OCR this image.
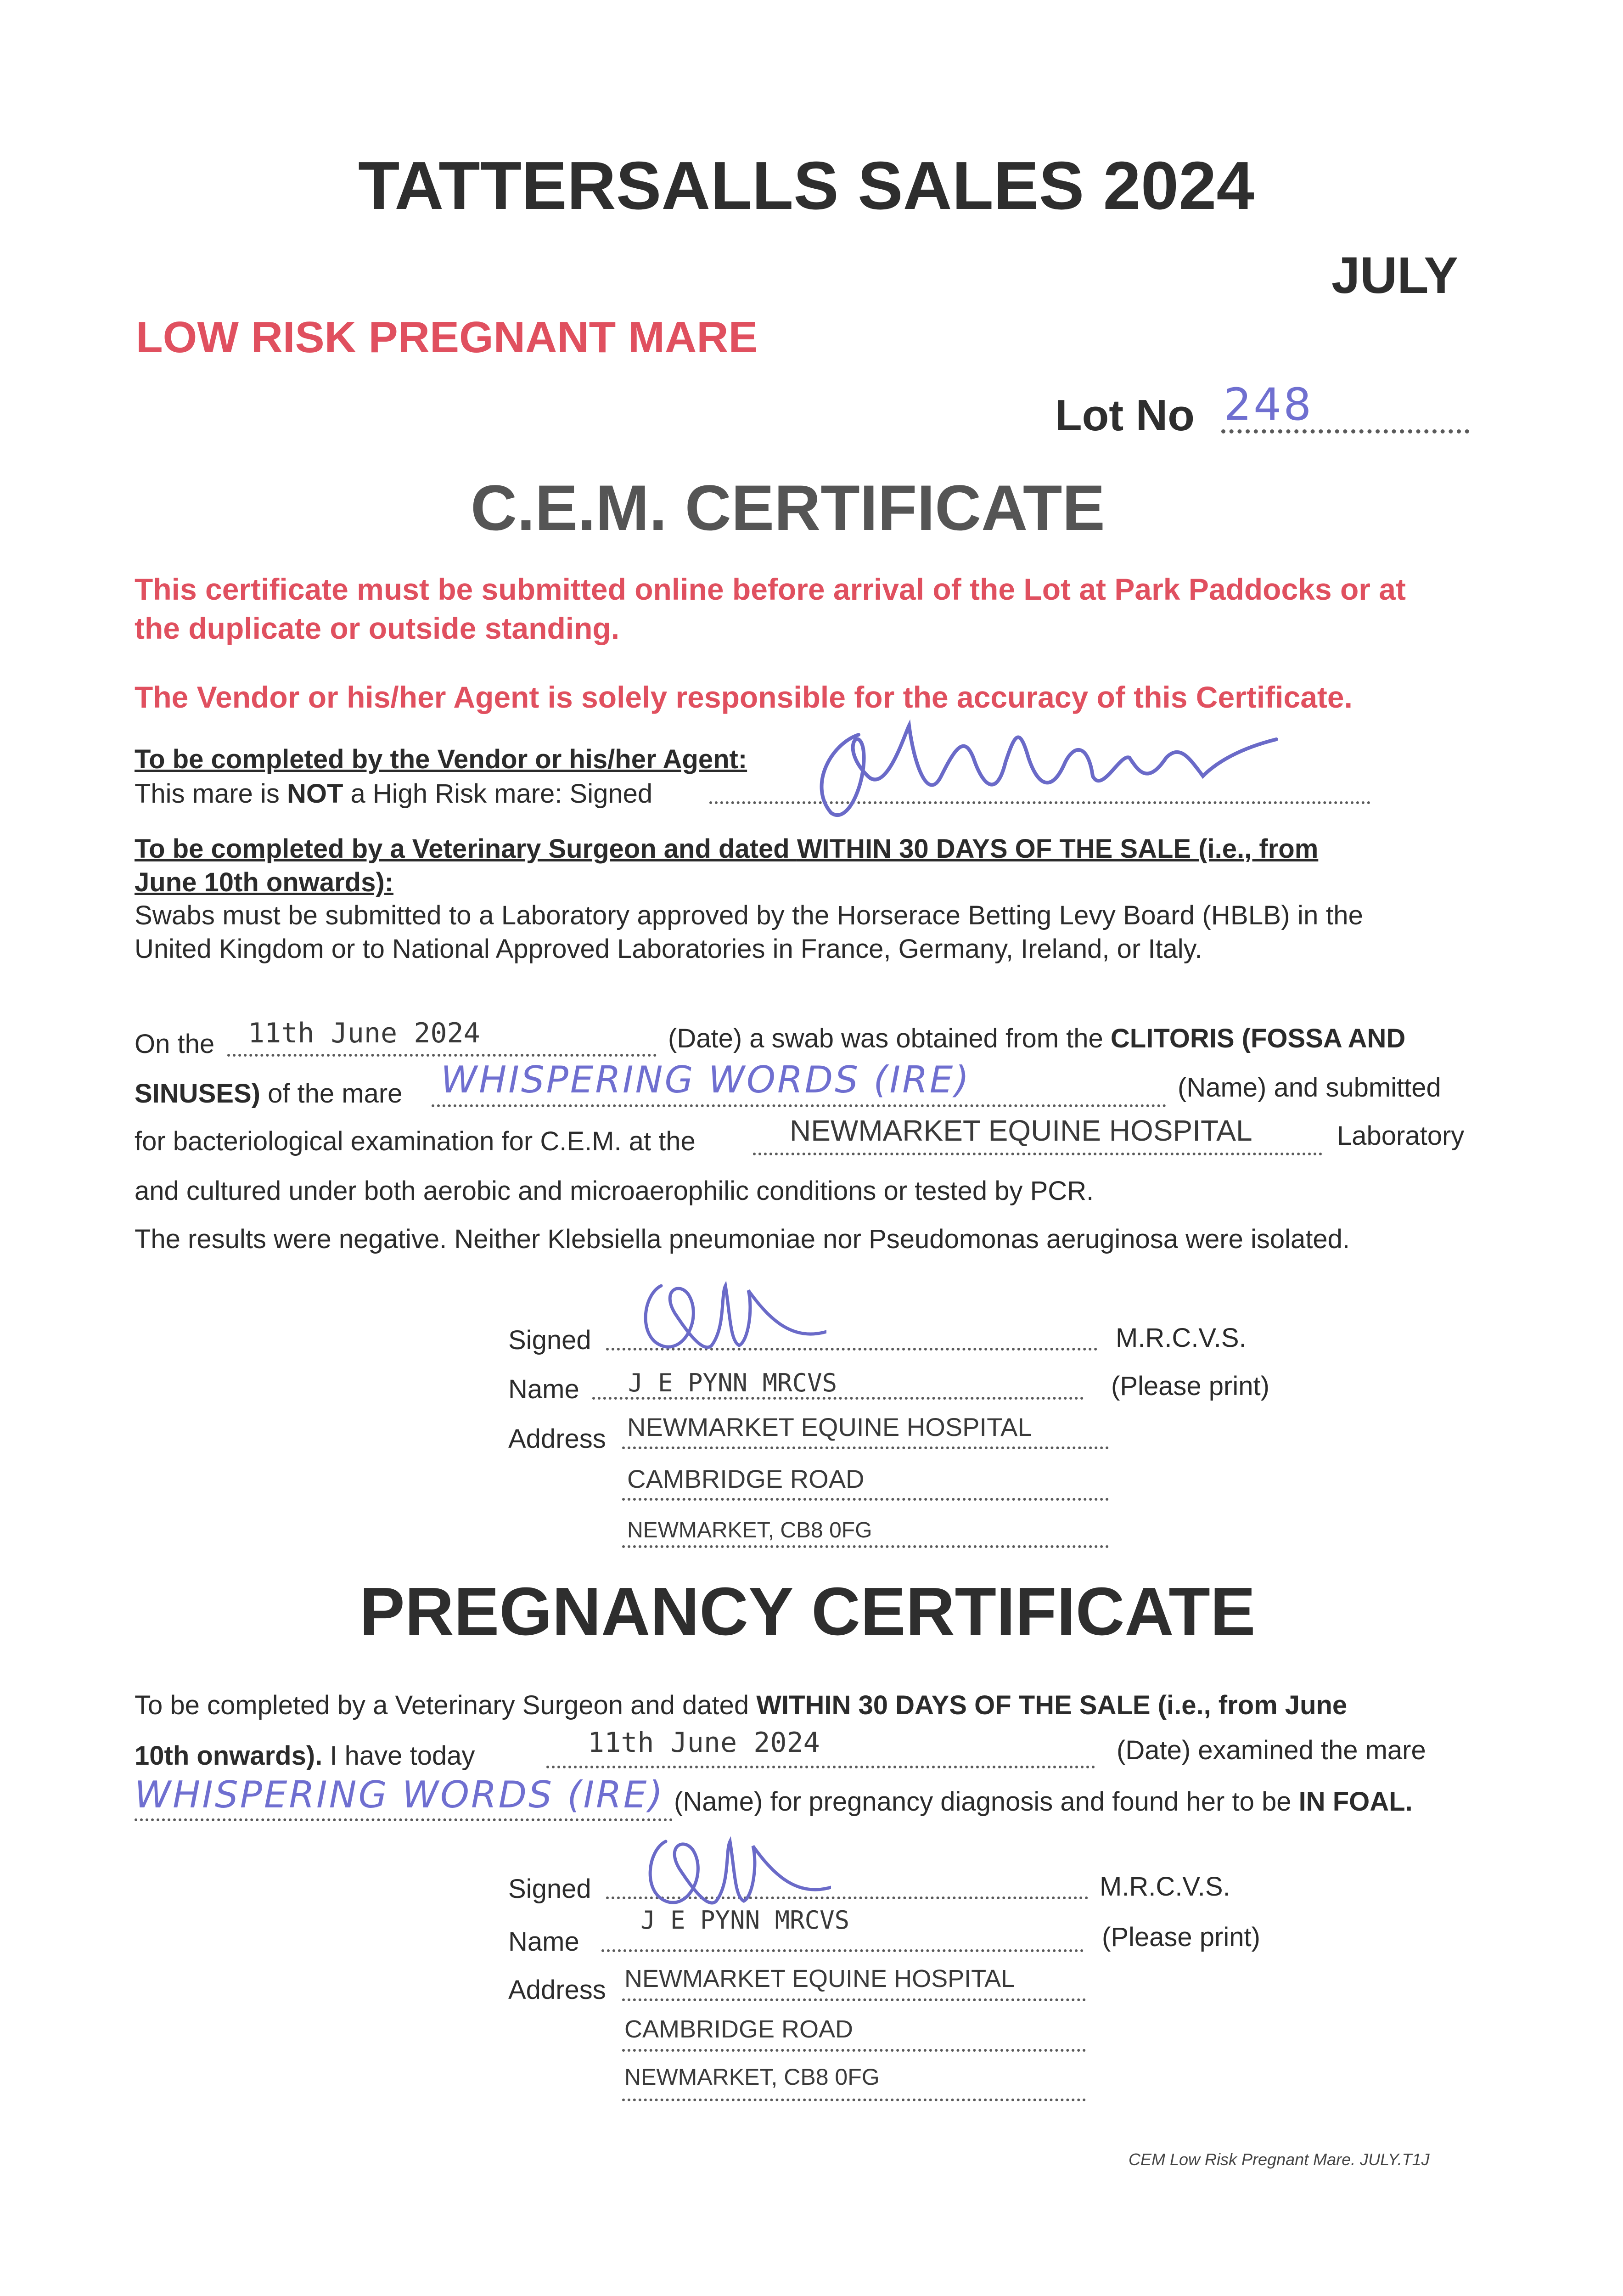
TATTERSALLS SALES 2024
JULY
LOW RISK PREGNANT MARE
Lot No 248
C.E.M. CERTIFICATE
This certificate must be submitted online before arrival of the Lot at Park Paddocks or at
the duplicate or outside standing.
The Vendor or his/her Agent is solely responsible for the accuracy of this Certificate.
To be completed by the Vendor or his/her Agent:
This mare is NOT a High Risk mare: Signed
To be completed by a Veterinary Surgeon and dated WITHIN 30 DAYS OF THE SALE (i.e., from
June 10th onwards):
Swabs must be submitted to a Laboratory approved by the Horserace Betting Levy Board (HBLB) in the
United Kingdom or to National Approved Laboratories in France, Germany, Ireland, or Italy.
On the 11th June 2024	(Date) a swab was obtained from the CLITORIS (FOSSA AND
SINUSES) of the mare WHISPERING WORDS (IRE)	(Name) and submitted
for bacteriological examination for C.E.M. at the	NEWMARKET EQUINE HOSPITAL	Laboratory
and cultured under both aerobic and microaerophilic conditions or tested by PCR.
The results were negative. Neither Klebsiella pneumoniae nor Pseudomonas aeruginosa were isolated.
Signed	M.R.C.V.S.
Name J E PYNN MRCVS	(Please print)
Address NEWMARKET EQUINE HOSPITAL
CAMBRIDGE ROAD
NEWMARKET, CB8 0FG
PREGNANCY CERTIFICATE
To be completed by a Veterinary Surgeon and dated WITHIN 30 DAYS OF THE SALE (i.e., from June
10th onwards). I have today	11th June 2024	(Date) examined the mare
WHISPERING WORDS (IRE) (Name) for pregnancy diagnosis and found her to be IN FOAL.
Signed	M.R.C.V.S.
J E PYNN MRCVS
Name	(Please print)
Address NEWMARKET EQUINE HOSPITAL
CAMBRIDGE ROAD
NEWMARKET, CB8 0FG
CEM Low Risk Pregnant Mare. JULY.T1J
